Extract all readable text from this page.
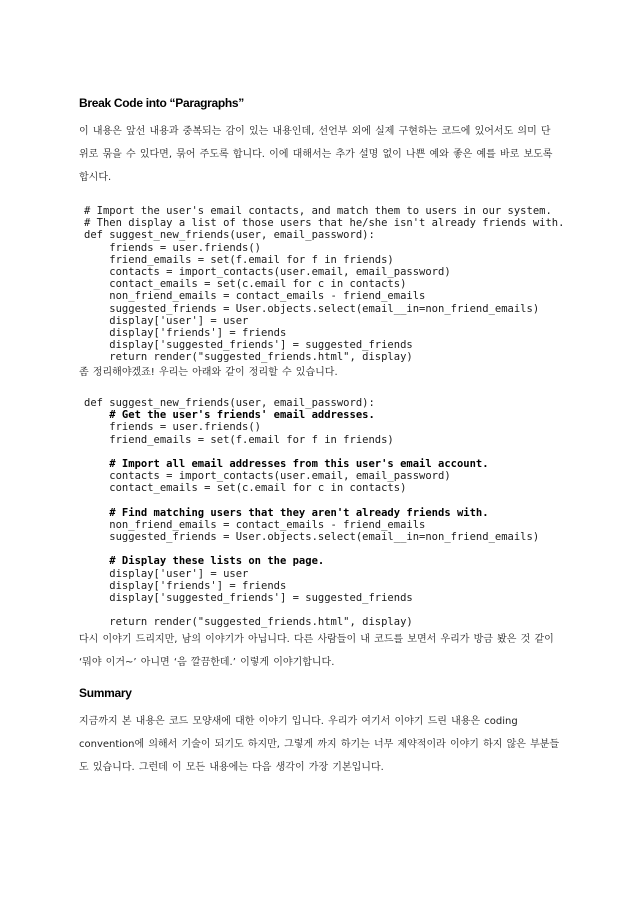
Break Code into “Paragraphs”
이 내용은 앞선 내용과 중복되는 감이 있는 내용인데, 선언부 외에 실제 구현하는 코드에 있어서도 의미 단
위로 묶을 수 있다면, 묶어 주도록 합니다. 이에 대해서는 추가 설명 없이 나쁜 예와 좋은 예를 바로 보도록
합시다.
# Import the user's email contacts, and match them to users in our system.
# Then display a list of those users that he/she isn't already friends with.
def suggest_new_friends(user, email_password):
friends = user.friends()
friend_emails = set(f.email for f in friends)
contacts = import_contacts(user.email, email_password)
contact_emails = set(c.email for c in contacts)
non_friend_emails = contact_emails - friend_emails
suggested_friends = User.objects.select(email__in=non_friend_emails)
display['user'] = user
display['friends'] = friends
display['suggested_friends'] = suggested_friends
return render("suggested_friends.html", display)
좀 정리해야겠죠! 우리는 아래와 같이 정리할 수 있습니다.
def suggest_new_friends(user, email_password):
# Get the user's friends' email addresses.
friends = user.friends()
friend_emails = set(f.email for f in friends)
# Import all email addresses from this user's email account.
contacts = import_contacts(user.email, email_password)
contact_emails = set(c.email for c in contacts)
# Find matching users that they aren't already friends with.
non_friend_emails = contact_emails - friend_emails
suggested_friends = User.objects.select(email__in=non_friend_emails)
# Display these lists on the page.
display['user'] = user
display['friends'] = friends
display['suggested_friends'] = suggested_friends
return render("suggested_friends.html", display)
다시 이야기 드리지만, 남의 이야기가 아닙니다. 다른 사람들이 내 코드를 보면서 우리가 방금 봤은 것 같이
‘뭐야 이거~’ 아니면 ‘음 깔끔한데.’ 이렇게 이야기합니다.
Summary
지금까지 본 내용은 코드 모양새에 대한 이야기 입니다. 우리가 여기서 이야기 드린 내용은 coding
convention에 의해서 기술이 되기도 하지만, 그렇게 까지 하기는 너무 제약적이라 이야기 하지 않은 부분들
도 있습니다. 그런데 이 모든 내용에는 다음 생각이 가장 기본입니다.
